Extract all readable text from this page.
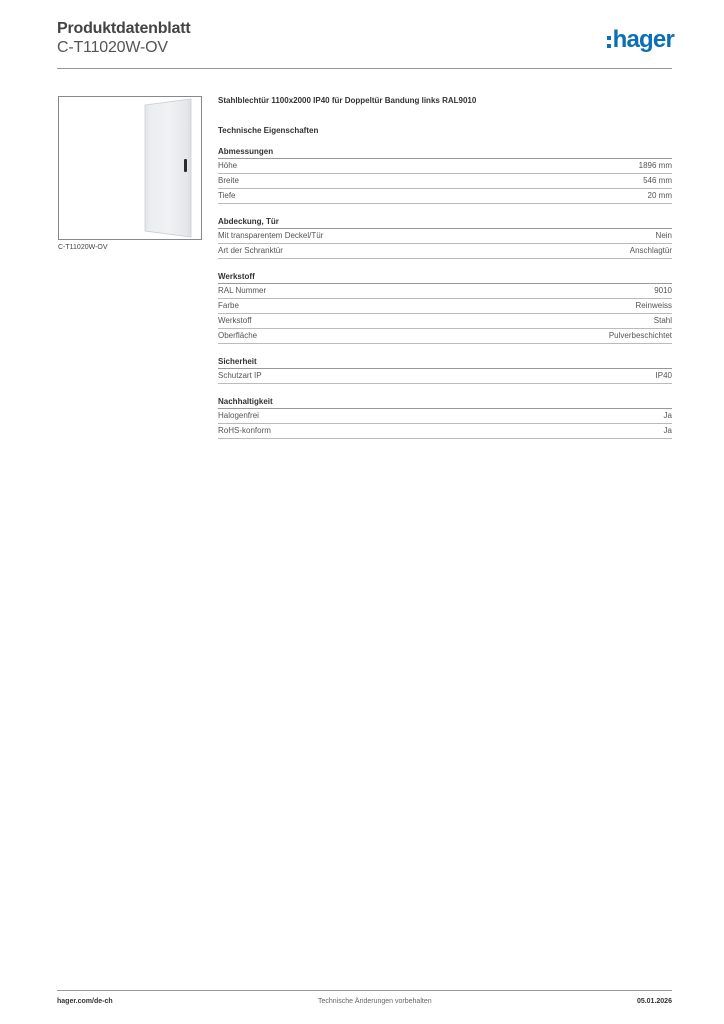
Produktdatenblatt
C-T11020W-OV	hager
C-T11020W-OV
Stahlblechtür 1100x2000 IP40 für Doppeltür Bandung links RAL9010
Technische Eigenschaften
Abmessungen
Höhe	1896 mm
Breite	546 mm
Tiefe	20 mm
Abdeckung, Tür
Mit transparentem Deckel/Tür	Nein
Art der Schranktür	Anschlagtür
Werkstoff
RAL Nummer	9010
Farbe	Reinweiss
Werkstoff	Stahl
Oberfläche	Pulverbeschichtet
Sicherheit
Schutzart IP	IP40
Nachhaltigkeit
Halogenfrei	Ja
RoHS-konform	Ja
hager.com/de-ch	Technische Änderungen vorbehalten	05.01.2026
